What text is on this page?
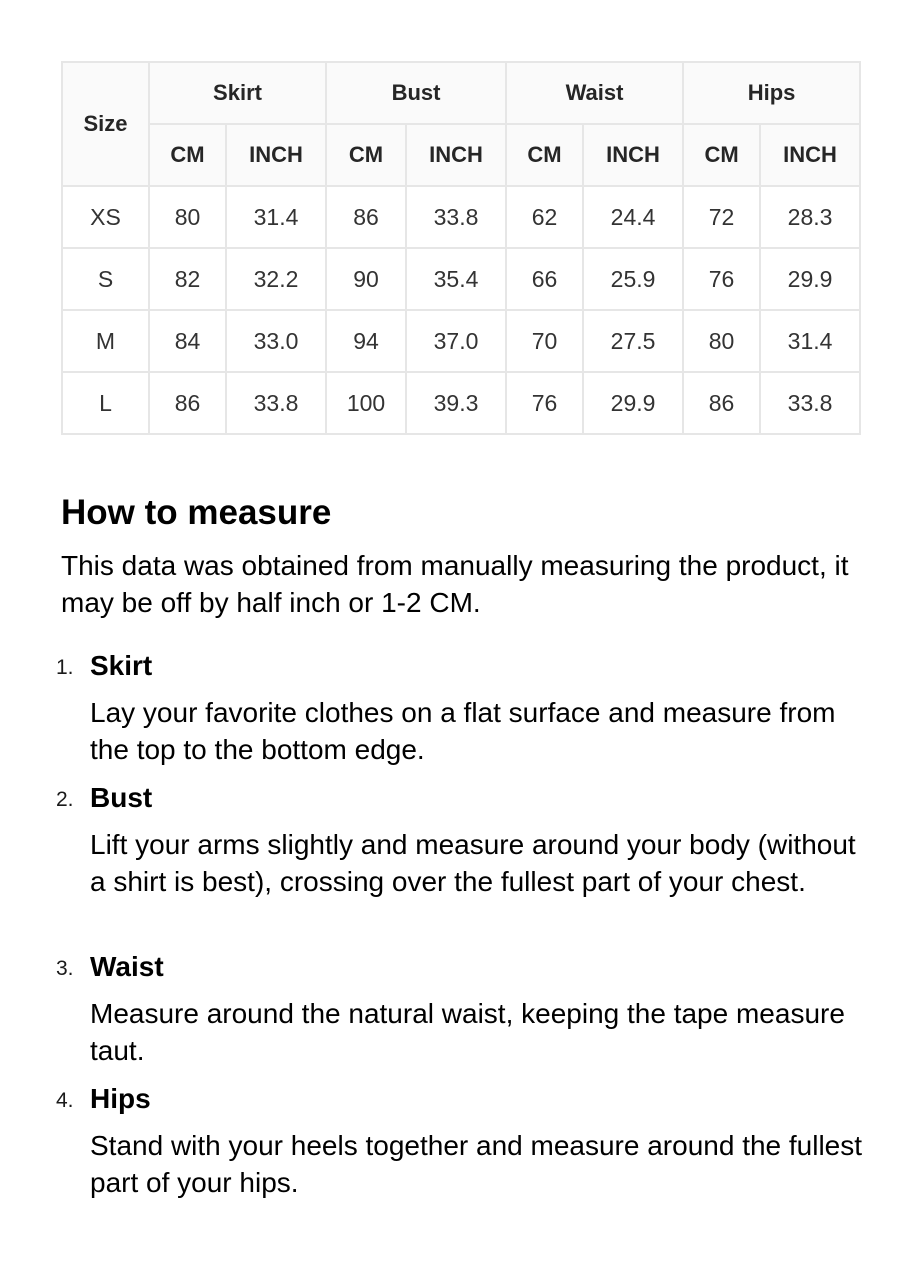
Size	Skirt		Bust		Waist		Hips	
	CM	INCH	CM	INCH	CM	INCH	CM	INCH
XS	80	31.4	86	33.8	62	24.4	72	28.3
S	82	32.2	90	35.4	66	25.9	76	29.9
M	84	33.0	94	37.0	70	27.5	80	31.4
L	86	33.8	100	39.3	76	29.9	86	33.8
How to measure

This data was obtained from manually measuring the product, it may be off by half inch or 1-2 CM.

1. Skirt

Lay your favorite clothes on a flat surface and measure from the top to the bottom edge.

2. Bust

Lift your arms slightly and measure around your body (without a shirt is best), crossing over the fullest part of your chest.

3. Waist

Measure around the natural waist, keeping the tape measure taut.

4. Hips

Stand with your heels together and measure around the fullest part of your hips.
